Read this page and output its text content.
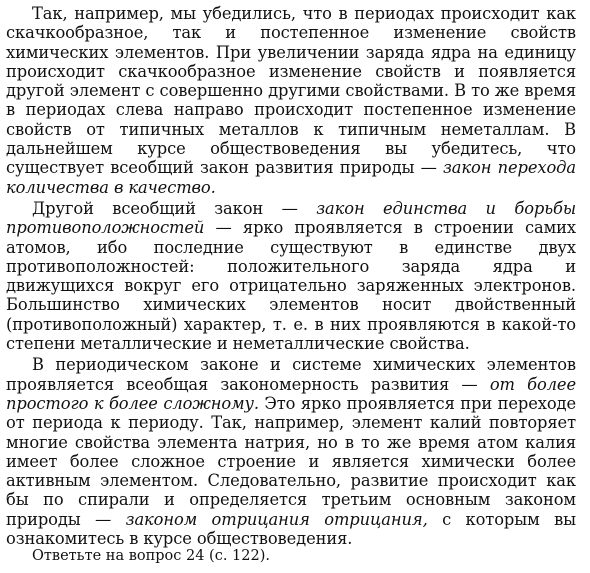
Так, например, мы убедились, что в периодах происходит как скачкообразное, так и постепенное изменение свойств химических элементов. При увеличении заряда ядра на единицу происходит скачкообразное изменение свойств и появляется другой элемент с совершенно другими свойствами. В то же время в периодах слева направо происходит постепенное изменение свойств от типичных металлов к типичным неметаллам. В дальнейшем курсе обществоведения вы убедитесь, что существует всеобщий закон развития природы — закон перехода количества в качество.

Другой всеобщий закон — закон единства и борьбы противоположностей — ярко проявляется в строении самих атомов, ибо последние существуют в единстве двух противоположностей: положительного заряда ядра и движущихся вокруг его отрицательно заряженных электронов. Большинство химических элементов носит двойственный (противоположный) характер, т. е. в них проявляются в какой-то степени металлические и неметаллические свойства.

В периодическом законе и системе химических элементов проявляется всеобщая закономерность развития — от более простого к более сложному. Это ярко проявляется при переходе от периода к периоду. Так, например, элемент калий повторяет многие свойства элемента натрия, но в то же время атом калия имеет более сложное строение и является химически более активным элементом. Следовательно, развитие происходит как бы по спирали и определяется третьим основным законом природы — законом отрицания отрицания, с которым вы ознакомитесь в курсе обществоведения.

Ответьте на вопрос 24 (с. 122).
